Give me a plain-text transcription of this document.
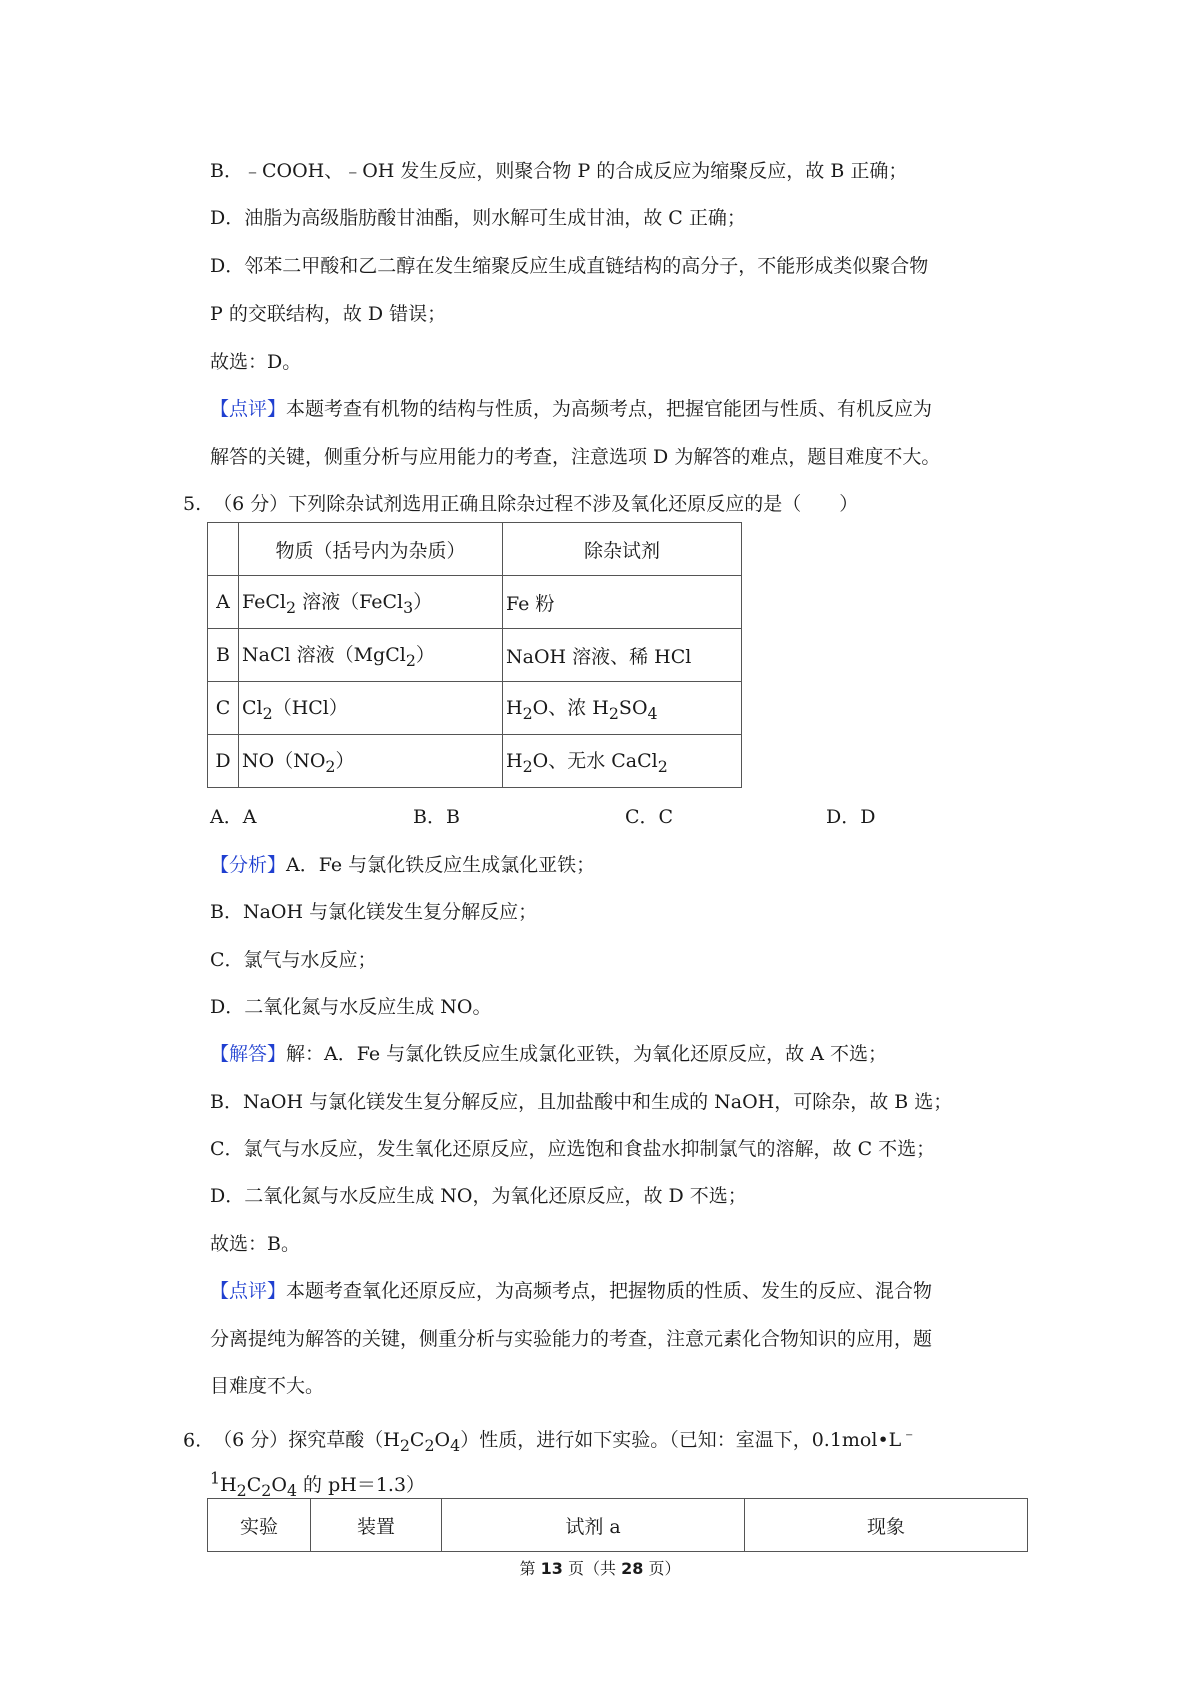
B．﹣COOH、﹣OH 发生反应，则聚合物 P 的合成反应为缩聚反应，故 B 正确；
D．油脂为高级脂肪酸甘油酯，则水解可生成甘油，故 C 正确；
D．邻苯二甲酸和乙二醇在发生缩聚反应生成直链结构的高分子，不能形成类似聚合物
P 的交联结构，故 D 错误；
故选：D。
【点评】本题考查有机物的结构与性质，为高频考点，把握官能团与性质、有机反应为
解答的关键，侧重分析与应用能力的考查，注意选项 D 为解答的难点，题目难度不大。
5. （6 分）下列除杂试剂选用正确且除杂过程不涉及氧化还原反应的是（　　）
	物质（括号内为杂质）	除杂试剂
A	FeCl$_2$ 溶液（FeCl$_3$）	Fe 粉
B	NaCl 溶液（MgCl$_2$）	NaOH 溶液、稀 HCl
C	$Cl_2(HCl)$	$H_2O$、浓 $H_2SO_4$
D	$NO(NO_2)$	$H_2O$、无水 CaCl$_2$
A．A	B．B	C．C	D．D
【分析】A．Fe 与氯化铁反应生成氯化亚铁；
B．NaOH 与氯化镁发生复分解反应；
C．氯气与水反应；
D．二氧化氮与水反应生成 NO。
【解答】解：A．Fe 与氯化铁反应生成氯化亚铁，为氧化还原反应，故 A 不选；
B．NaOH 与氯化镁发生复分解反应，且加盐酸中和生成的 NaOH，可除杂，故 B 选；
C．氯气与水反应，发生氧化还原反应，应选饱和食盐水抑制氯气的溶解，故 C 不选；
D．二氧化氮与水反应生成 NO，为氧化还原反应，故 D 不选；
故选：B。
【点评】本题考查氧化还原反应，为高频考点，把握物质的性质、发生的反应、混合物
分离提纯为解答的关键，侧重分析与实验能力的考查，注意元素化合物知识的应用，题
目难度不大。
6. （6 分）探究草酸$(H_2C_2O_4)$性质，进行如下实验。（已知：室温下，0.1mol•L﹣
$^1H_2C_2O_4$ 的 pH＝1.3）
实验	装置	试剂 a	现象
第 13 页（共 28 页）
